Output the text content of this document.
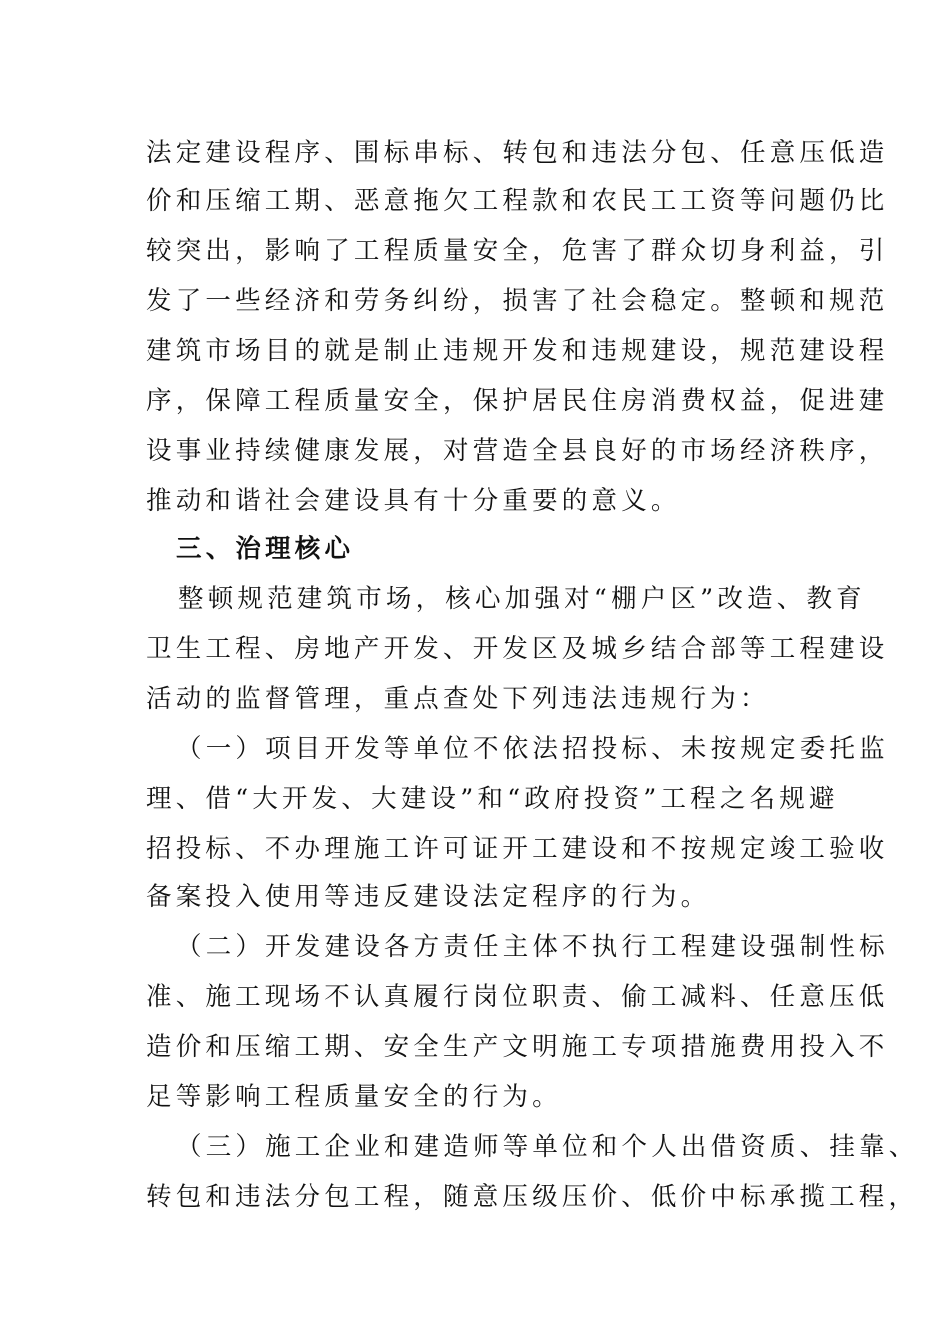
法定建设程序、围标串标、转包和违法分包、任意压低造
价和压缩工期、恶意拖欠工程款和农民工工资等问题仍比
较突出，影响了工程质量安全，危害了群众切身利益，引
发了一些经济和劳务纠纷，损害了社会稳定。整顿和规范
建筑市场目的就是制止违规开发和违规建设，规范建设程
序，保障工程质量安全，保护居民住房消费权益，促进建
设事业持续健康发展，对营造全县良好的市场经济秩序，
推动和谐社会建设具有十分重要的意义。
三、治理核心
整顿规范建筑市场，核心加强对“棚户区”改造、教育
卫生工程、房地产开发、开发区及城乡结合部等工程建设
活动的监督管理，重点查处下列违法违规行为：
（一）项目开发等单位不依法招投标、未按规定委托监
理、借“大开发、大建设”和“政府投资”工程之名规避
招投标、不办理施工许可证开工建设和不按规定竣工验收
备案投入使用等违反建设法定程序的行为。
（二）开发建设各方责任主体不执行工程建设强制性标
准、施工现场不认真履行岗位职责、偷工减料、任意压低
造价和压缩工期、安全生产文明施工专项措施费用投入不
足等影响工程质量安全的行为。
（三）施工企业和建造师等单位和个人出借资质、挂靠、
转包和违法分包工程，随意压级压价、低价中标承揽工程，
